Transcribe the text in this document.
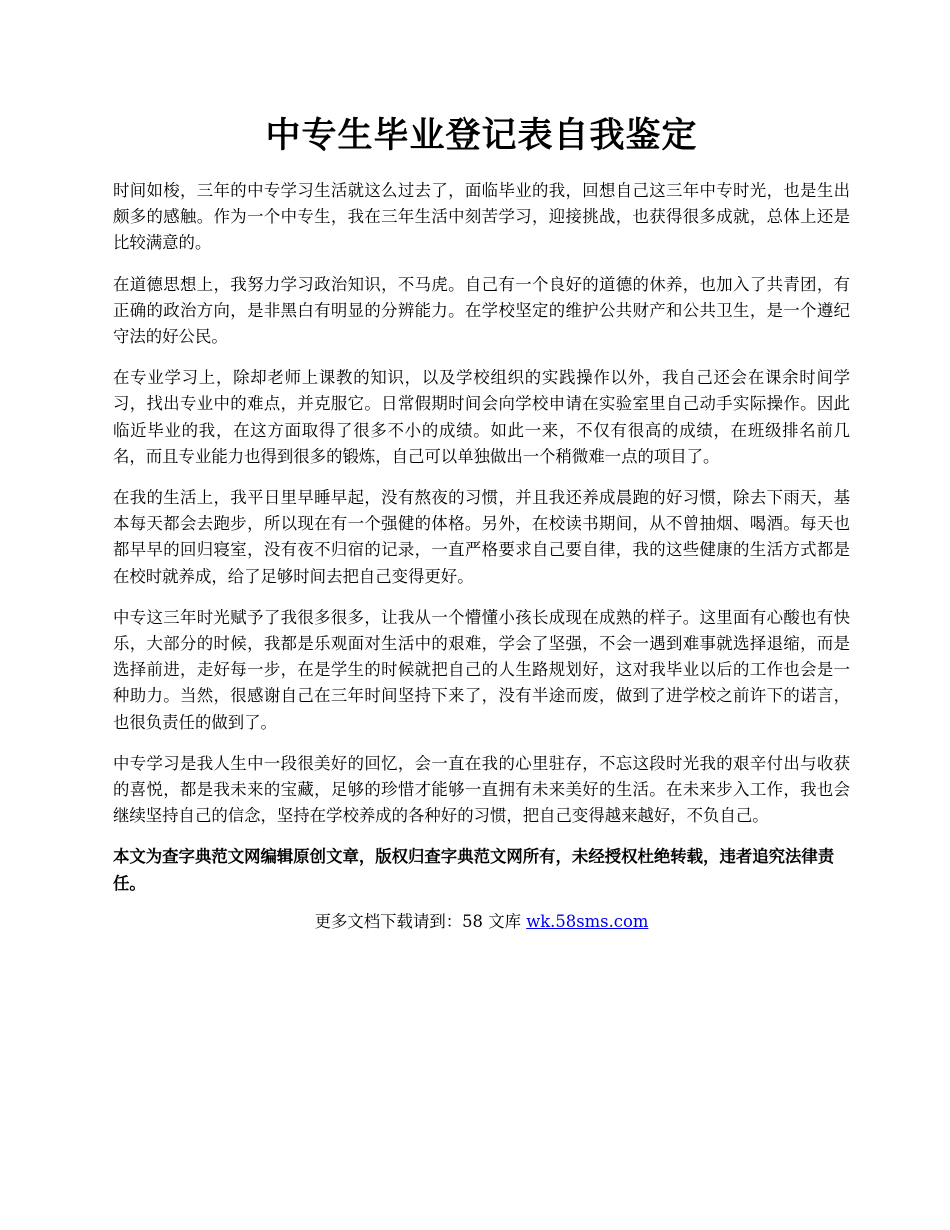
中专生毕业登记表自我鉴定

时间如梭，三年的中专学习生活就这么过去了，面临毕业的我，回想自己这三年中专时光，也是生出颇多的感触。作为一个中专生，我在三年生活中刻苦学习，迎接挑战，也获得很多成就，总体上还是比较满意的。

在道德思想上，我努力学习政治知识，不马虎。自己有一个良好的道德的休养，也加入了共青团，有正确的政治方向，是非黑白有明显的分辨能力。在学校坚定的维护公共财产和公共卫生，是一个遵纪守法的好公民。

在专业学习上，除却老师上课教的知识，以及学校组织的实践操作以外，我自己还会在课余时间学习，找出专业中的难点，并克服它。日常假期时间会向学校申请在实验室里自己动手实际操作。因此临近毕业的我，在这方面取得了很多不小的成绩。如此一来，不仅有很高的成绩，在班级排名前几名，而且专业能力也得到很多的锻炼，自己可以单独做出一个稍微难一点的项目了。

在我的生活上，我平日里早睡早起，没有熬夜的习惯，并且我还养成晨跑的好习惯，除去下雨天，基本每天都会去跑步，所以现在有一个强健的体格。另外，在校读书期间，从不曾抽烟、喝酒。每天也都早早的回归寝室，没有夜不归宿的记录，一直严格要求自己要自律，我的这些健康的生活方式都是在校时就养成，给了足够时间去把自己变得更好。

中专这三年时光赋予了我很多很多，让我从一个懵懂小孩长成现在成熟的样子。这里面有心酸也有快乐，大部分的时候，我都是乐观面对生活中的艰难，学会了坚强，不会一遇到难事就选择退缩，而是选择前进，走好每一步，在是学生的时候就把自己的人生路规划好，这对我毕业以后的工作也会是一种助力。当然，很感谢自己在三年时间坚持下来了，没有半途而废，做到了进学校之前许下的诺言，也很负责任的做到了。

中专学习是我人生中一段很美好的回忆，会一直在我的心里驻存，不忘这段时光我的艰辛付出与收获的喜悦，都是我未来的宝藏，足够的珍惜才能够一直拥有未来美好的生活。在未来步入工作，我也会继续坚持自己的信念，坚持在学校养成的各种好的习惯，把自己变得越来越好，不负自己。

本文为查字典范文网编辑原创文章，版权归查字典范文网所有，未经授权杜绝转载，违者追究法律责任。

更多文档下载请到：58 文库 wk.58sms.com
